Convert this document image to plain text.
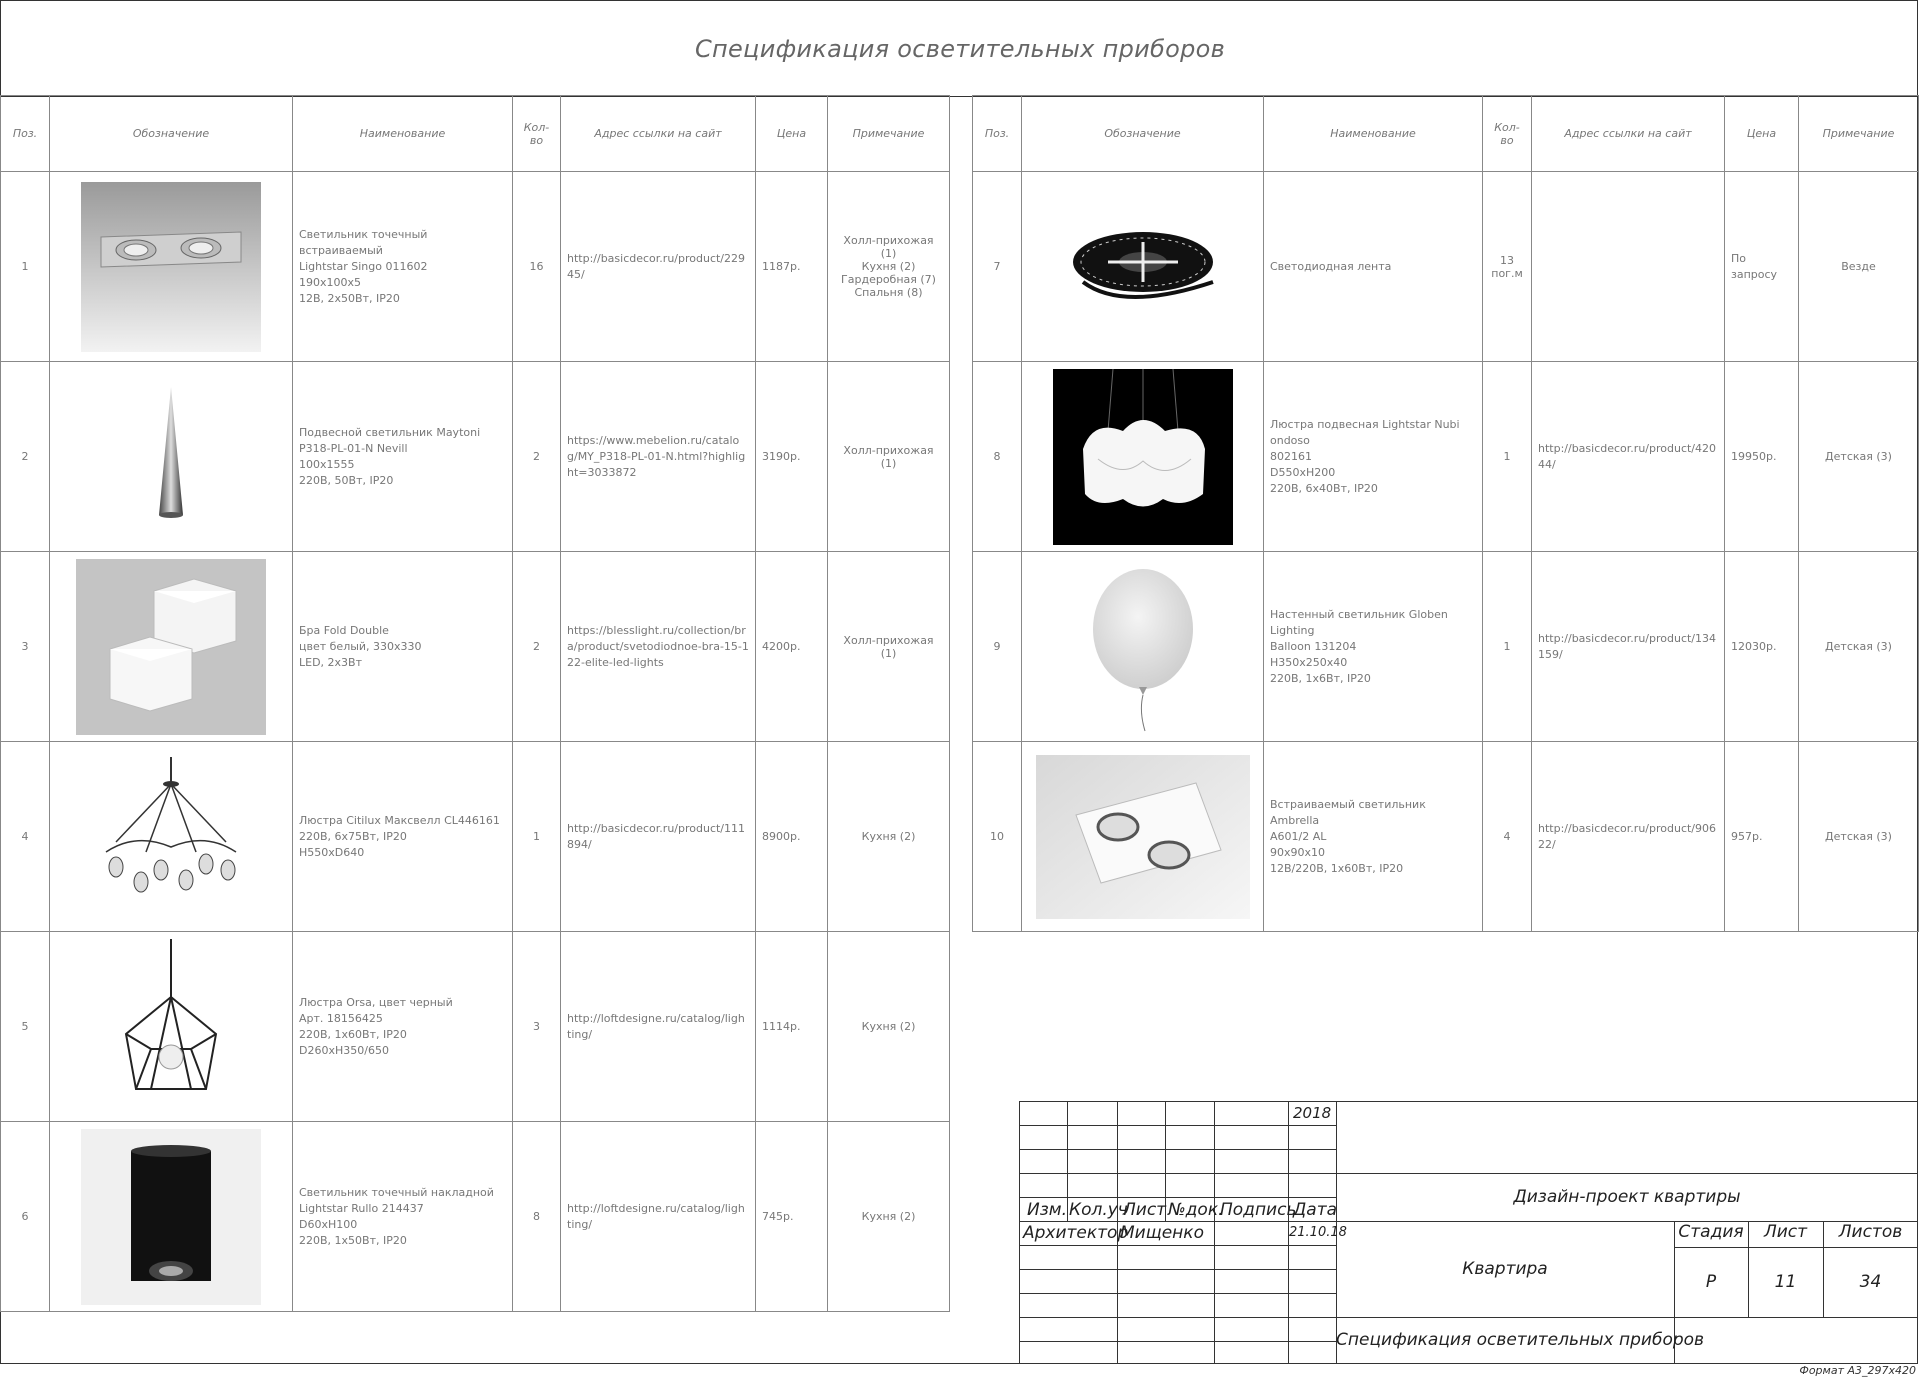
Спецификация осветительных приборов
Поз.	Обозначение	Наименование	Кол-во	Адрес ссылки на сайт	Цена	Примечание
1		Светильник точечный встраиваемый
Lightstar Singo 011602
190x100x5
12В, 2х50Вт, IP20	16	http://basicdecor.ru/product/22945/	1187р.	Холл-прихожая (1)
Кухня (2)
Гардеробная (7)
Спальня (8)
2		Подвесной светильник Maytoni
P318-PL-01-N Nevill
100x1555
220В, 50Вт, IP20	2	https://www.mebelion.ru/catalog/MY_P318-PL-01-N.html?highlight=3033872	3190р.	Холл-прихожая (1)
3		Бра Fold Double
цвет белый, 330x330
LED, 2x3Вт	2	https://blesslight.ru/collection/bra/product/svetodiodnoe-bra-15-122-elite-led-lights	4200р.	Холл-прихожая (1)
4		Люстра Citilux Максвелл CL446161
220В, 6x75Вт, IP20
H550xD640	1	http://basicdecor.ru/product/111894/	8900р.	Кухня (2)
5		Люстра Orsa, цвет черный
Арт. 18156425
220В, 1x60Вт, IP20
D260xH350/650	3	http://loftdesigne.ru/catalog/lighting/	1114р.	Кухня (2)
6		Светильник точечный накладной
Lightstar Rullo 214437
D60xH100
220В, 1x50Вт, IP20	8	http://loftdesigne.ru/catalog/lighting/	745р.	Кухня (2)
Поз.	Обозначение	Наименование	Кол-во	Адрес ссылки на сайт	Цена	Примечание
7		Светодиодная лента	13
пог.м		По запросу	Везде
8		Люстра подвесная Lightstar Nubi ondoso
802161
D550xH200
220В, 6х40Вт, IP20	1	http://basicdecor.ru/product/42044/	19950р.	Детская (3)
9		Настенный светильник Globen Lighting
Balloon 131204
H350x250x40
220В, 1х6Вт, IP20	1	http://basicdecor.ru/product/134159/	12030р.	Детская (3)
10		Встраиваемый светильник Ambrella
A601/2 AL
90x90x10
12В/220В, 1х60Вт, IP20	4	http://basicdecor.ru/product/90622/	957р.	Детская (3)
2018
Изм. Кол.уч
Лист №док.
Подпись
Дата
Архитектор
Мищенко	21.10.18
Дизайн-проект квартиры
Квартира
Спецификация осветительных приборов
Стадия	Лист	Листов
Р	11	34
Формат А3_297x420
